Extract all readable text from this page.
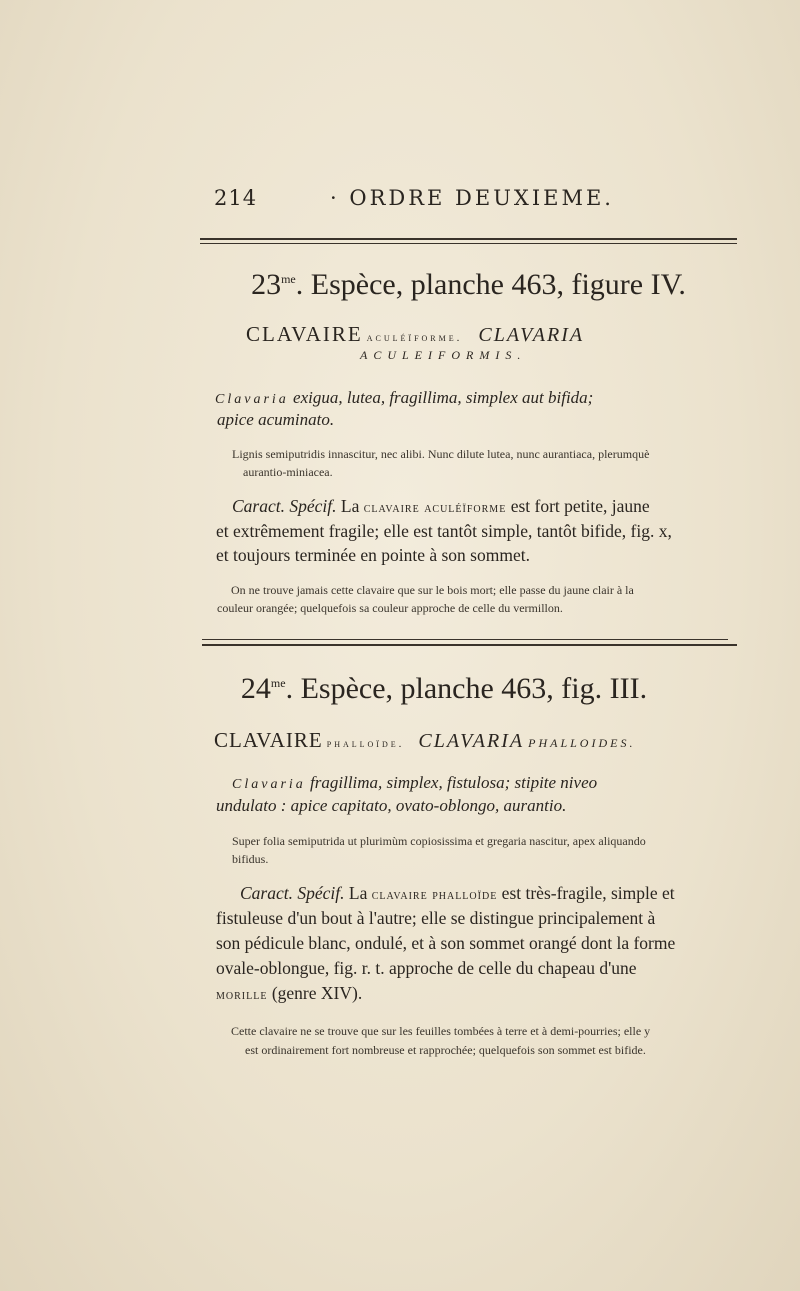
214	· ORDRE DEUXIEME.
$23^{me}$. Espèce, planche 463, figure IV.
CLAVAIRE aculéïforme. CLAVARIA
ACULEIFORMIS.
Clavaria exigua, lutea, fragillima, simplex aut bifida;
apice acuminato.
Lignis semiputridis innascitur, nec alibi. Nunc dilute lutea, nunc aurantiaca, plerumquè
aurantio-miniacea.
Caract. Spécif. La clavaire aculéïforme est fort petite, jaune
et extrêmement fragile; elle est tantôt simple, tantôt bifide, fig. x,
et toujours terminée en pointe à son sommet.
On ne trouve jamais cette clavaire que sur le bois mort; elle passe du jaune clair à la
couleur orangée; quelquefois sa couleur approche de celle du vermillon.
$24^{me}$. Espèce, planche 463, fig. III.
CLAVAIRE phalloïde. CLAVARIA PHALLOIDES.
Clavaria fragillima, simplex, fistulosa; stipite niveo
undulato : apice capitato, ovato-oblongo, aurantio.
Super folia semiputrida ut plurimùm copiosissima et gregaria nascitur, apex aliquando
bifidus.
Caract. Spécif. La clavaire phalloïde est très-fragile, simple et
fistuleuse d'un bout à l'autre; elle se distingue principalement à
son pédicule blanc, ondulé, et à son sommet orangé dont la forme
ovale-oblongue, fig. r. t. approche de celle du chapeau d'une
morille (genre XIV).
Cette clavaire ne se trouve que sur les feuilles tombées à terre et à demi-pourries; elle y
est ordinairement fort nombreuse et rapprochée; quelquefois son sommet est bifide.
